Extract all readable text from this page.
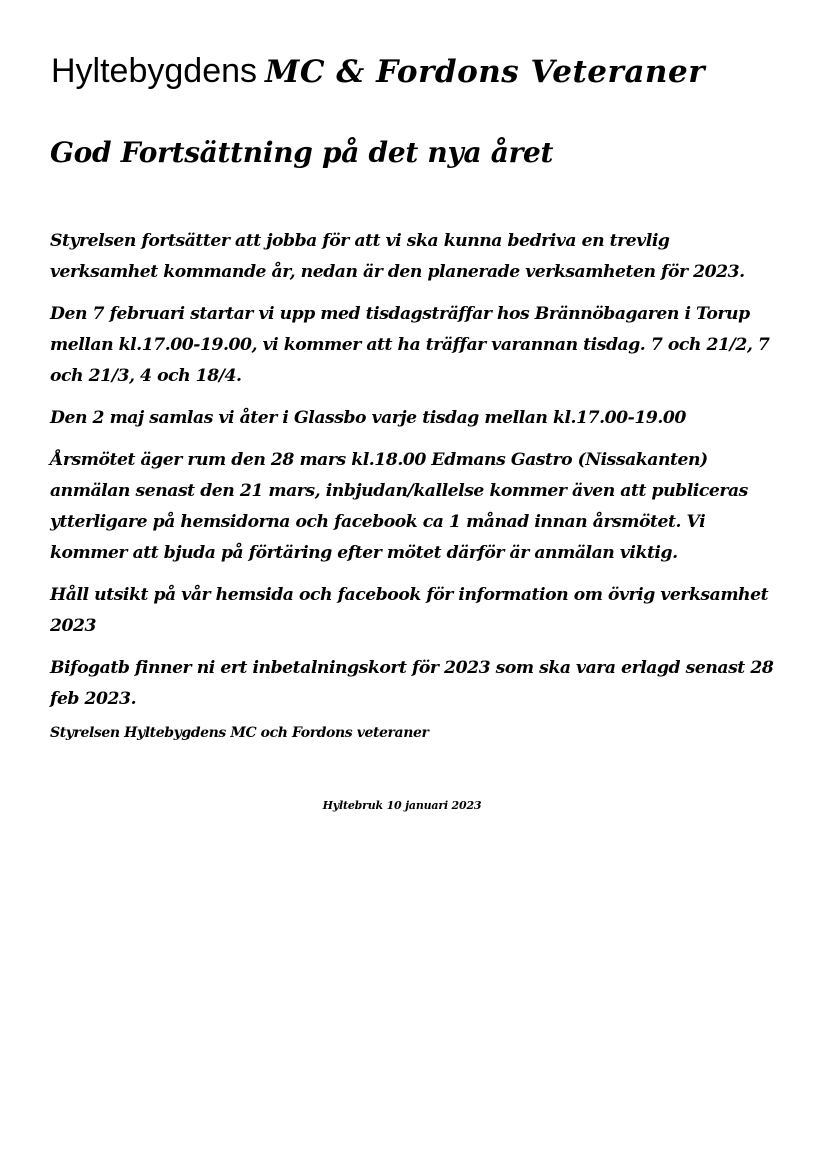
Hyltebygdens MC & Fordons Veteraner
God Fortsättning på det nya året

Styrelsen fortsätter att jobba för att vi ska kunna bedriva en trevlig verksamhet kommande år, nedan är den planerade verksamheten för 2023.

Den 7 februari startar vi upp med tisdagsträffar hos Brännöbagaren i Torup mellan kl.17.00-19.00, vi kommer att ha träffar varannan tisdag. 7 och 21/2, 7 och 21/3, 4 och 18/4.

Den 2 maj samlas vi åter i Glassbo varje tisdag mellan kl.17.00-19.00

Årsmötet äger rum den 28 mars kl.18.00 Edmans Gastro (Nissakanten) anmälan senast den 21 mars, inbjudan/kallelse kommer även att publiceras ytterligare på hemsidorna och facebook ca 1 månad innan årsmötet. Vi kommer att bjuda på förtäring efter mötet därför är anmälan viktig.

Håll utsikt på vår hemsida och facebook för information om övrig verksamhet 2023

Bifogatb finner ni ert inbetalningskort för 2023 som ska vara erlagd senast 28 feb 2023.

Styrelsen Hyltebygdens MC och Fordons veteraner

Hyltebruk 10 januari 2023
